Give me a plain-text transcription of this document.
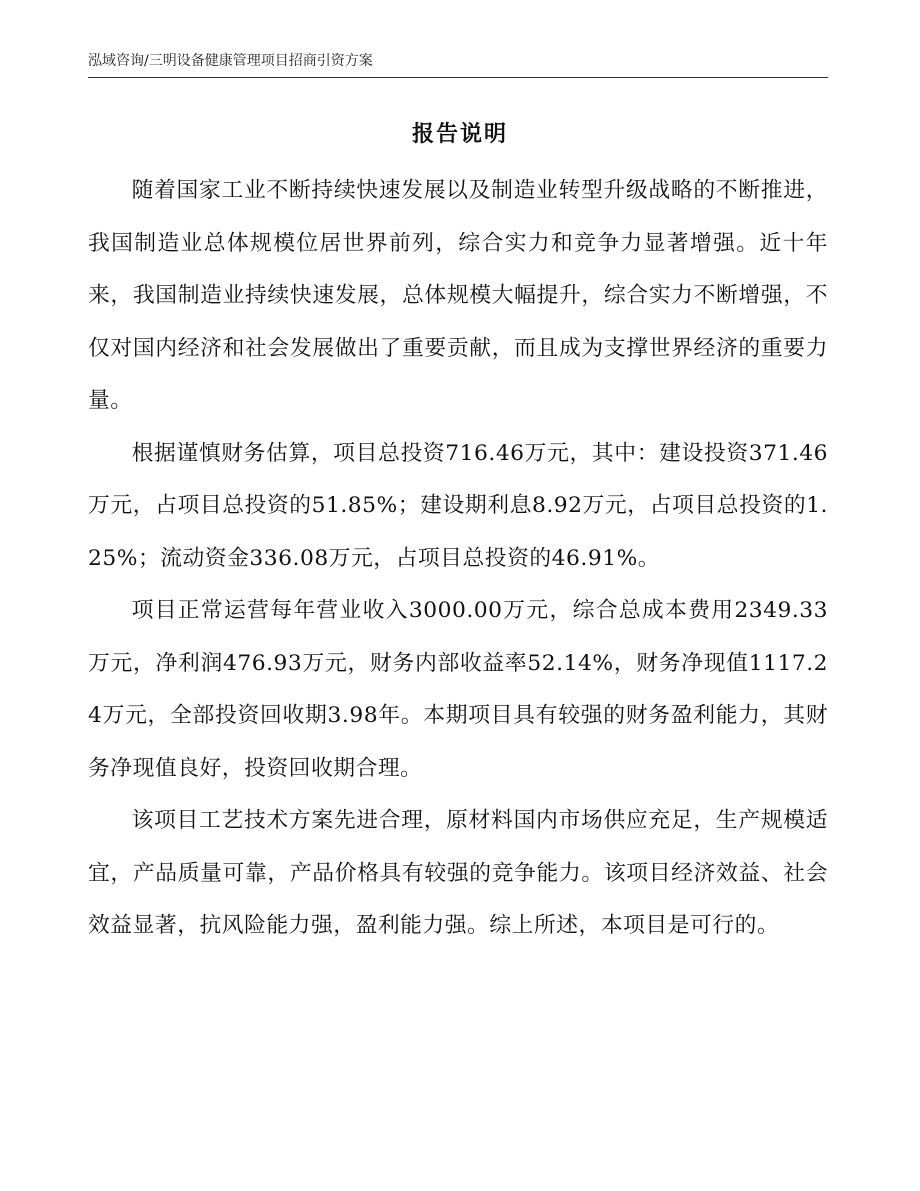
泓域咨询/三明设备健康管理项目招商引资方案
报告说明

随着国家工业不断持续快速发展以及制造业转型升级战略的不断推进，我国制造业总体规模位居世界前列，综合实力和竞争力显著增强。近十年来，我国制造业持续快速发展，总体规模大幅提升，综合实力不断增强，不仅对国内经济和社会发展做出了重要贡献，而且成为支撑世界经济的重要力量。

根据谨慎财务估算，项目总投资716.46万元，其中：建设投资371.46万元，占项目总投资的51.85%；建设期利息8.92万元，占项目总投资的1.25%；流动资金336.08万元，占项目总投资的46.91%。

项目正常运营每年营业收入3000.00万元，综合总成本费用2349.33万元，净利润476.93万元，财务内部收益率52.14%，财务净现值1117.24万元，全部投资回收期3.98年。本期项目具有较强的财务盈利能力，其财务净现值良好，投资回收期合理。

该项目工艺技术方案先进合理，原材料国内市场供应充足，生产规模适宜，产品质量可靠，产品价格具有较强的竞争能力。该项目经济效益、社会效益显著，抗风险能力强，盈利能力强。综上所述，本项目是可行的。
